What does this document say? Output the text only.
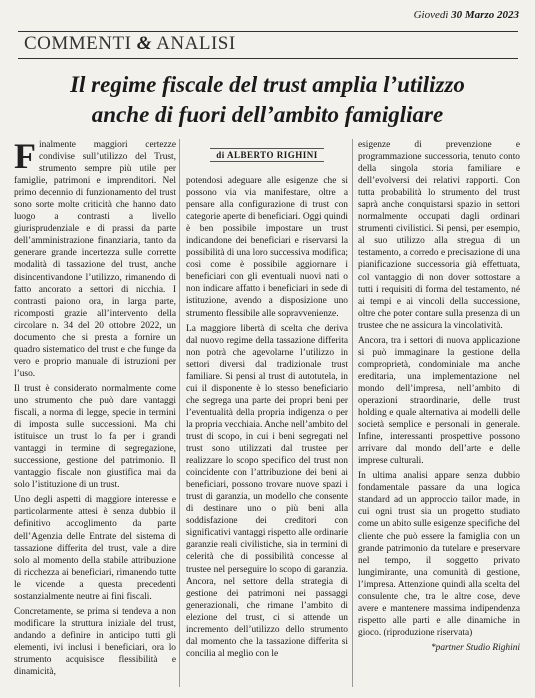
Giovedì 30 Marzo 2023
COMMENTI & ANALISI
Il regime fiscale del trust amplia l’utilizzo
anche di fuori dell’ambito famigliare
di ALBERTO RIGHINI

Finalmente maggiori certezze condivise sull’utilizzo del Trust, strumento sempre più utile per famiglie, patrimoni e imprenditori. Nel primo decennio di funzionamento del trust sono sorte molte criticità che hanno dato luogo a contrasti a livello giurisprudenziale e di prassi da parte dell’amministrazione finanziaria, tanto da generare grande incertezza sulle corrette modalità di tassazione del trust, anche disincentivandone l’utilizzo, rimanendo di fatto ancorato a settori di nicchia. I contrasti paiono ora, in larga parte, ricomposti grazie all’intervento della circolare n. 34 del 20 ottobre 2022, un documento che si presta a fornire un quadro sistematico del trust e che funge da vero e proprio manuale di istruzioni per l’uso.

Il trust è considerato normalmente come uno strumento che può dare vantaggi fiscali, a norma di legge, specie in termini di imposta sulle successioni. Ma chi istituisce un trust lo fa per i grandi vantaggi in termine di segregazione, successione, gestione del patrimonio. Il vantaggio fiscale non giustifica mai da solo l’istituzione di un trust.

Uno degli aspetti di maggiore interesse e particolarmente attesi è senza dubbio il definitivo accoglimento da parte dell’Agenzia delle Entrate del sistema di tassazione differita del trust, vale a dire solo al momento della stabile attribuzione di ricchezza ai beneficiari, rimanendo tutte le vicende a questa precedenti sostanzialmente neutre ai fini fiscali.

Concretamente, se prima si tendeva a non modificare la struttura iniziale del trust, andando a definire in anticipo tutti gli elementi, ivi inclusi i beneficiari, ora lo strumento acquisisce flessibilità e dinamicità,

potendosi adeguare alle esigenze che si possono via via manifestare, oltre a pensare alla configurazione di trust con categorie aperte di beneficiari. Oggi quindi è ben possibile impostare un trust indicandone dei beneficiari e riservarsi la possibilità di una loro successiva modifica; così come è possibile aggiornare i beneficiari con gli eventuali nuovi nati o non indicare affatto i beneficiari in sede di istituzione, avendo a disposizione uno strumento flessibile alle sopravvenienze.

La maggiore libertà di scelta che deriva dal nuovo regime della tassazione differita non potrà che agevolarne l’utilizzo in settori diversi dal tradizionale trust familiare. Si pensi al trust di autotutela, in cui il disponente è lo stesso beneficiario che segrega una parte dei propri beni per l’eventualità della propria indigenza o per la propria vecchiaia. Anche nell’ambito del trust di scopo, in cui i beni segregati nel trust sono utilizzati dal trustee per realizzare lo scopo specifico del trust non coincidente con l’attribuzione dei beni ai beneficiari, possono trovare nuove spazi i trust di garanzia, un modello che consente di destinare uno o più beni alla soddisfazione dei creditori con significativi vantaggi rispetto alle ordinarie garanzie reali civilistiche, sia in termini di celerità che di possibilità concesse al trustee nel perseguire lo scopo di garanzia. Ancora, nel settore della strategia di gestione dei patrimoni nei passaggi generazionali, che rimane l’ambito di elezione del trust, ci si attende un incremento dell’utilizzo dello strumento dal momento che la tassazione differita si concilia al meglio con le

esigenze di prevenzione e programmazione successoria, tenuto conto della singola storia familiare e dell’evolversi dei relativi rapporti. Con tutta probabilità lo strumento del trust saprà anche conquistarsi spazio in settori normalmente occupati dagli ordinari strumenti civilistici. Si pensi, per esempio, al suo utilizzo alla stregua di un testamento, a corredo e precisazione di una pianificazione successoria già effettuata, col vantaggio di non dover sottostare a tutti i requisiti di forma del testamento, né ai tempi e ai vincoli della successione, oltre che poter contare sulla presenza di un trustee che ne assicura la vincolatività.

Ancora, tra i settori di nuova applicazione si può immaginare la gestione della comproprietà, condominiale ma anche ereditaria, una implementazione nel mondo dell’impresa, nell’ambito di operazioni straordinarie, delle trust holding e quale alternativa ai modelli delle società semplice e personali in generale. Infine, interessanti prospettive possono arrivare dal mondo dell’arte e delle imprese culturali.

In ultima analisi appare senza dubbio fondamentale passare da una logica standard ad un approccio tailor made, in cui ogni trust sia un progetto studiato come un abito sulle esigenze specifiche del cliente che può essere la famiglia con un grande patrimonio da tutelare e preservare nel tempo, il soggetto privato lungimirante, una comunità di gestione, l’impresa. Attenzione quindi alla scelta del consulente che, tra le altre cose, deve avere e mantenere massima indipendenza rispetto alle parti e alle dinamiche in gioco. (riproduzione riservata)

*partner Studio Righini
